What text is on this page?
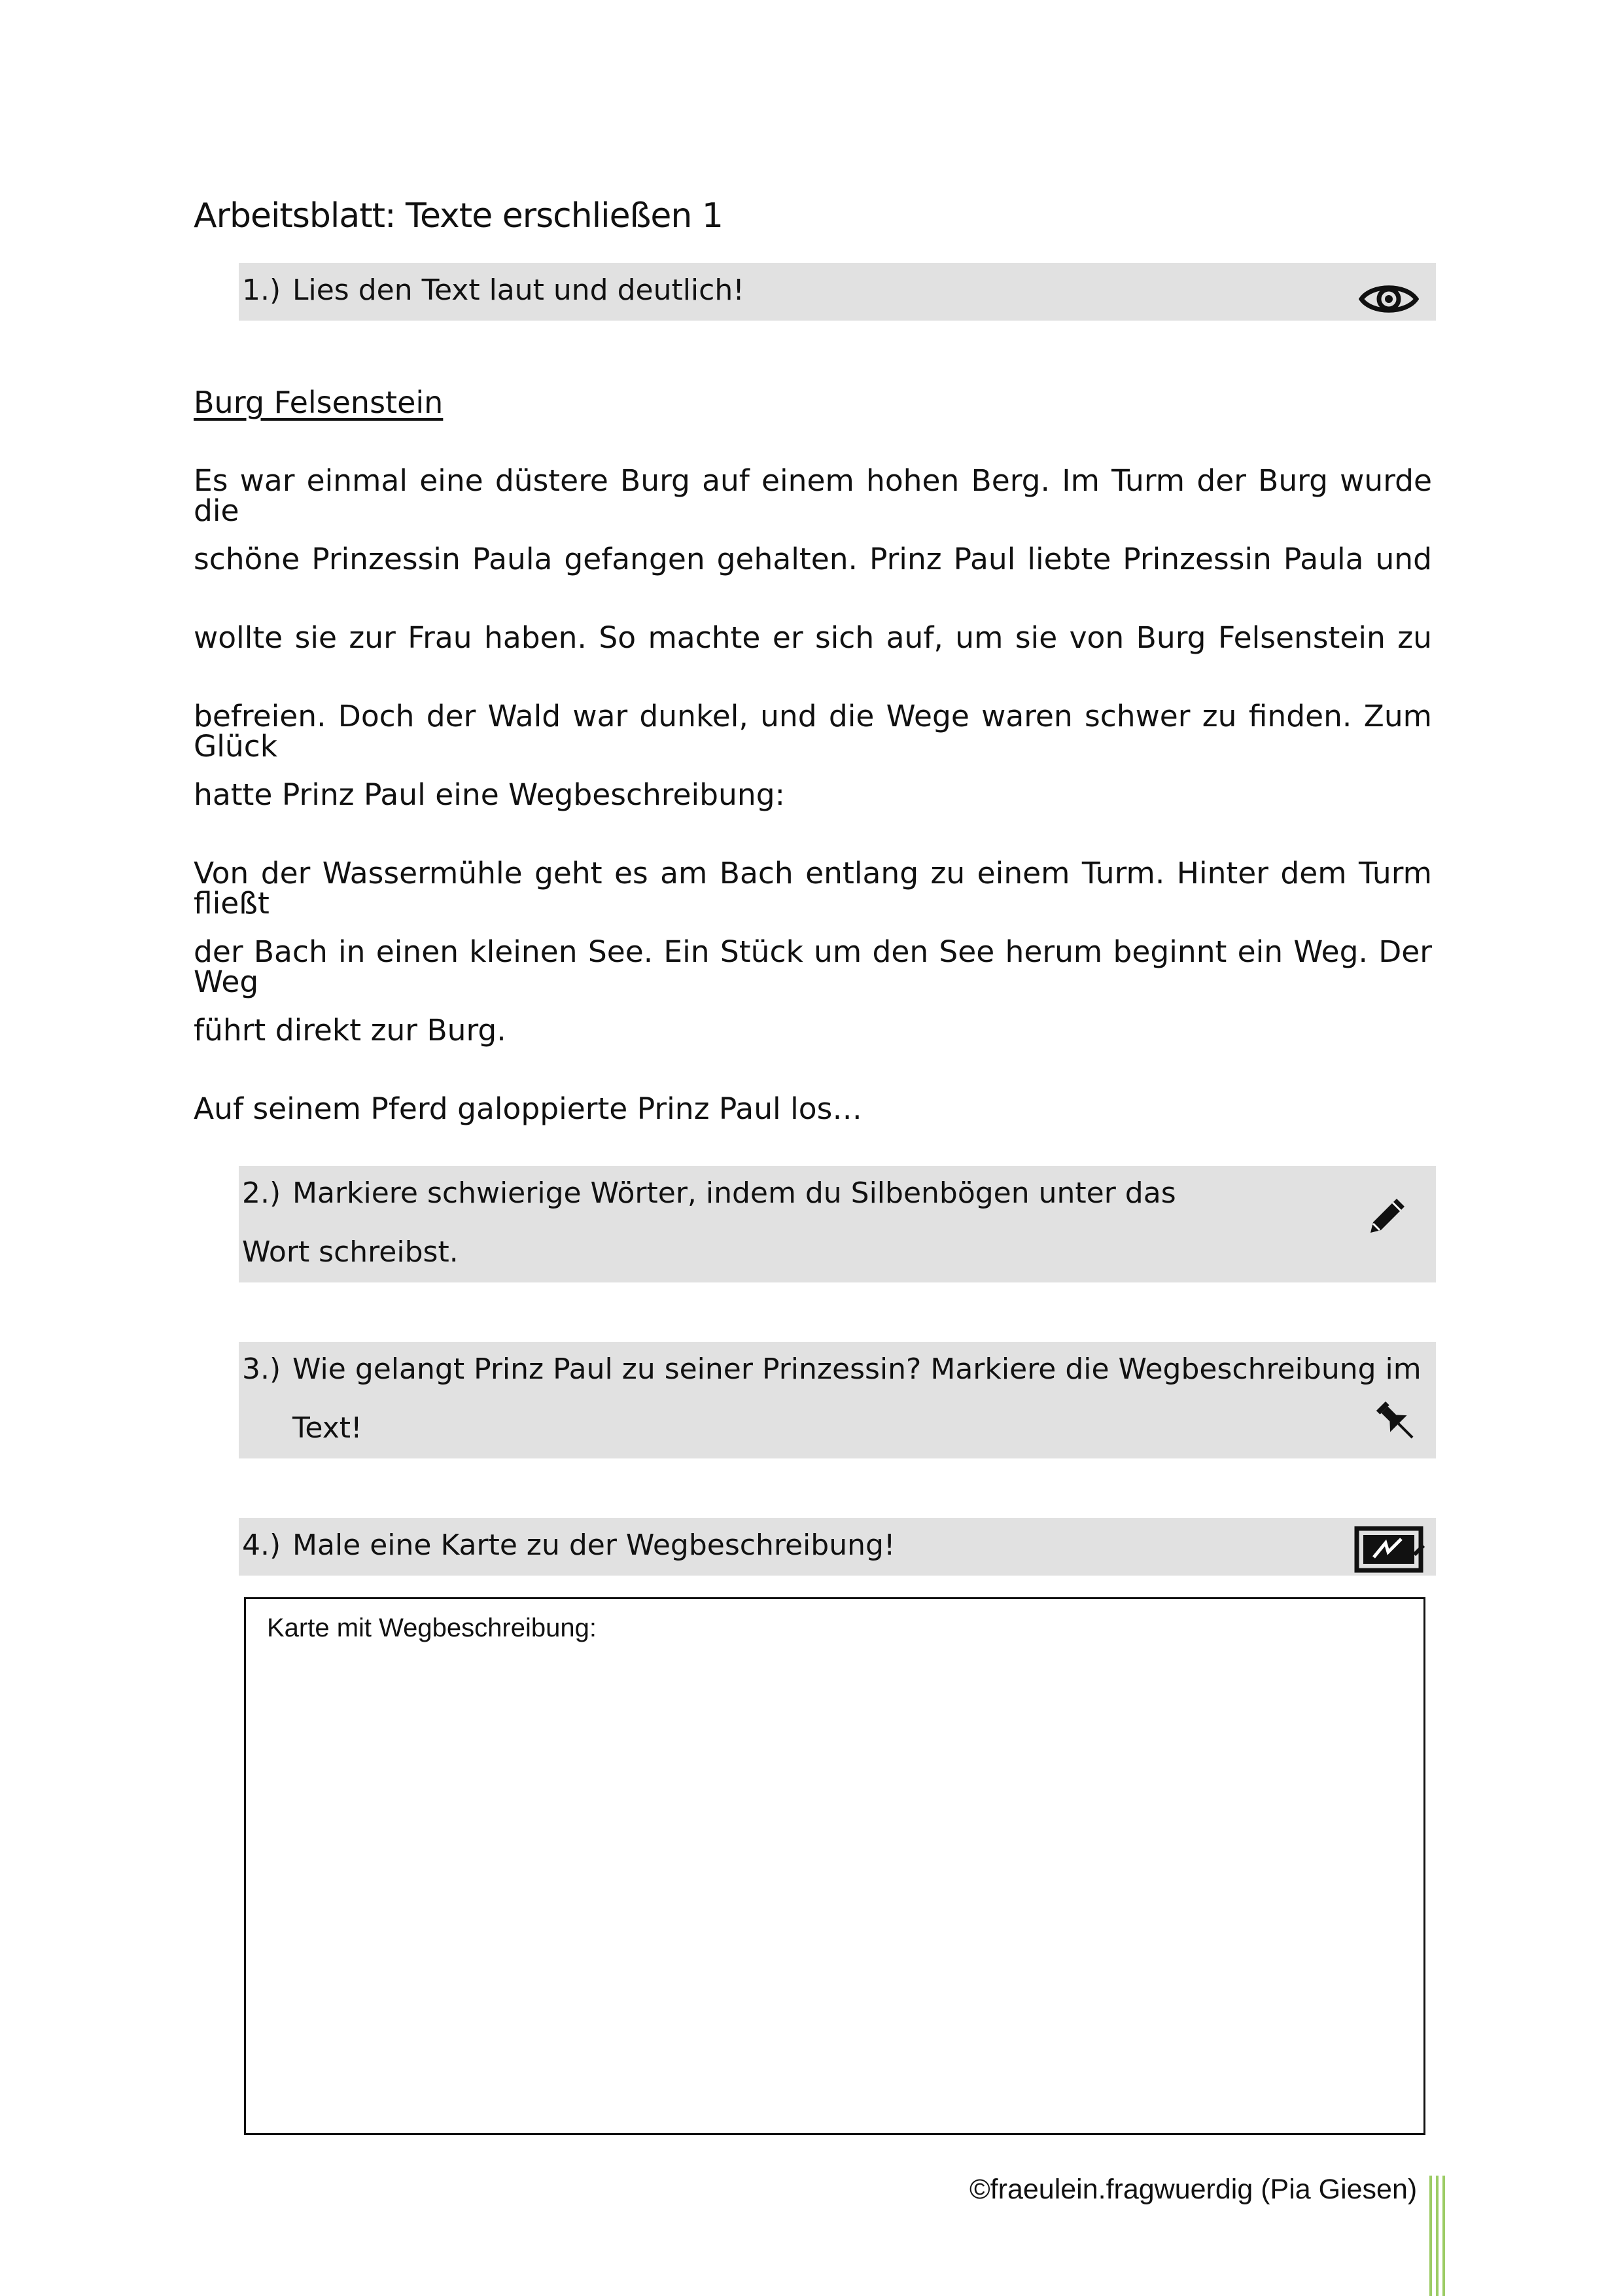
Arbeitsblatt: Texte erschließen 1
1.) Lies den Text laut und deutlich!
Burg Felsenstein
Es war einmal eine düstere Burg auf einem hohen Berg. Im Turm der Burg wurde die
schöne Prinzessin Paula gefangen gehalten. Prinz Paul liebte Prinzessin Paula und
wollte sie zur Frau haben. So machte er sich auf, um sie von Burg Felsenstein zu
befreien. Doch der Wald war dunkel, und die Wege waren schwer zu finden. Zum Glück
hatte Prinz Paul eine Wegbeschreibung:
Von der Wassermühle geht es am Bach entlang zu einem Turm. Hinter dem Turm fließt
der Bach in einen kleinen See. Ein Stück um den See herum beginnt ein Weg. Der Weg
führt direkt zur Burg.
Auf seinem Pferd galoppierte Prinz Paul los…
2.) Markiere schwierige Wörter, indem du Silbenbögen unter das
Wort schreibst.
3.) Wie gelangt Prinz Paul zu seiner Prinzessin? Markiere die Wegbeschreibung im
Text!
4.) Male eine Karte zu der Wegbeschreibung!
Karte mit Wegbeschreibung:
©fraeulein.fragwuerdig (Pia Giesen)
